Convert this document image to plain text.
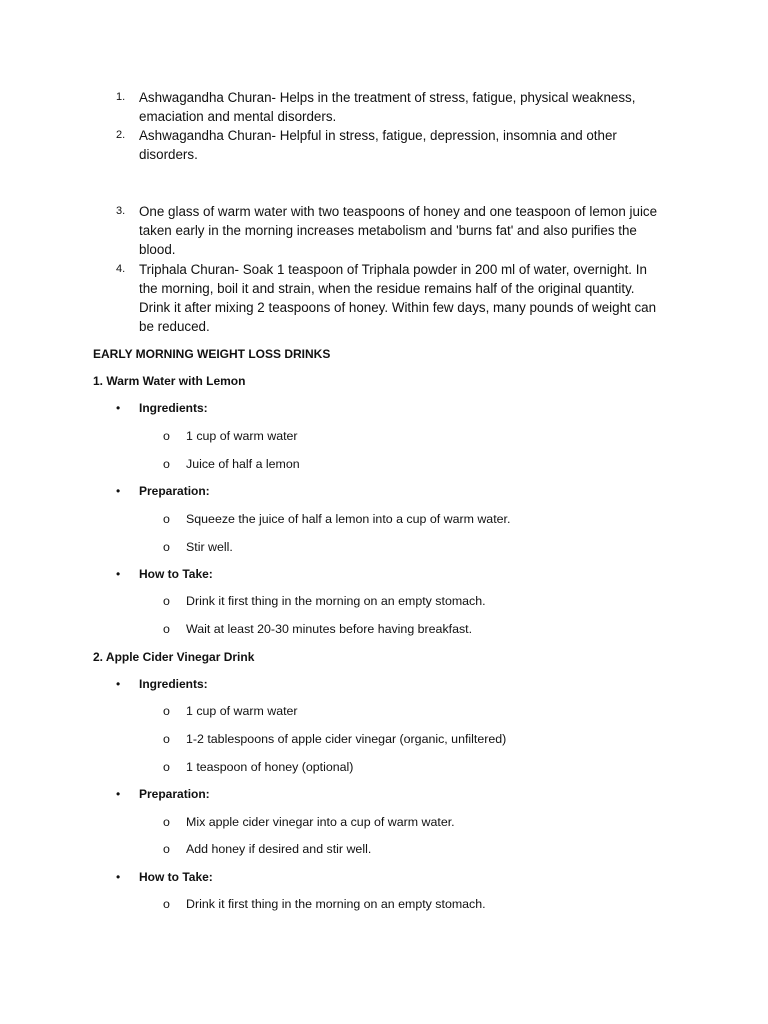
1. Ashwagandha Churan- Helps in the treatment of stress, fatigue, physical weakness, emaciation and mental disorders.
2. Ashwagandha Churan- Helpful in stress, fatigue, depression, insomnia and other disorders.
3. One glass of warm water with two teaspoons of honey and one teaspoon of lemon juice taken early in the morning increases metabolism and 'burns fat' and also purifies the blood.
4. Triphala Churan- Soak 1 teaspoon of Triphala powder in 200 ml of water, overnight. In the morning, boil it and strain, when the residue remains half of the original quantity. Drink it after mixing 2 teaspoons of honey. Within few days, many pounds of weight can be reduced.
EARLY MORNING WEIGHT LOSS DRINKS
1. Warm Water with Lemon
• Ingredients:
o 1 cup of warm water
o Juice of half a lemon
• Preparation:
o Squeeze the juice of half a lemon into a cup of warm water.
o Stir well.
• How to Take:
o Drink it first thing in the morning on an empty stomach.
o Wait at least 20-30 minutes before having breakfast.
2. Apple Cider Vinegar Drink
• Ingredients:
o 1 cup of warm water
o 1-2 tablespoons of apple cider vinegar (organic, unfiltered)
o 1 teaspoon of honey (optional)
• Preparation:
o Mix apple cider vinegar into a cup of warm water.
o Add honey if desired and stir well.
• How to Take:
o Drink it first thing in the morning on an empty stomach.
